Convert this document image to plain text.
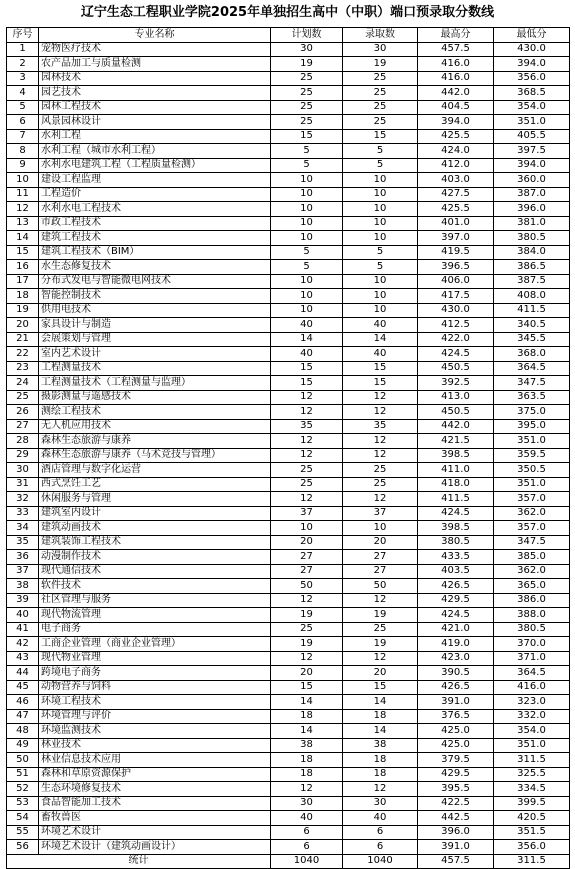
辽宁生态工程职业学院2025年单独招生高中（中职）端口预录取分数线
序号	专业名称	计划数	录取数	最高分	最低分
1	宠物医疗技术	30	30	457.5	430.0
2	农产品加工与质量检测	19	19	416.0	394.0
3	园林技术	25	25	416.0	356.0
4	园艺技术	25	25	442.0	368.5
5	园林工程技术	25	25	404.5	354.0
6	风景园林设计	25	25	394.0	351.0
7	水利工程	15	15	425.5	405.5
8	水利工程（城市水利工程）	5	5	424.0	397.5
9	水利水电建筑工程（工程质量检测）	5	5	412.0	394.0
10	建设工程监理	10	10	403.0	360.0
11	工程造价	10	10	427.5	387.0
12	水利水电工程技术	10	10	425.5	396.0
13	市政工程技术	10	10	401.0	381.0
14	建筑工程技术	10	10	397.0	380.5
15	建筑工程技术（BIM）	5	5	419.5	384.0
16	水生态修复技术	5	5	396.5	386.5
17	分布式发电与智能微电网技术	10	10	406.0	387.5
18	智能控制技术	10	10	417.5	408.0
19	供用电技术	10	10	430.0	411.5
20	家具设计与制造	40	40	412.5	340.5
21	会展策划与管理	14	14	422.0	345.5
22	室内艺术设计	40	40	424.5	368.0
23	工程测量技术	15	15	450.5	364.5
24	工程测量技术（工程测量与监理）	15	15	392.5	347.5
25	摄影测量与遥感技术	12	12	413.0	363.5
26	测绘工程技术	12	12	450.5	375.0
27	无人机应用技术	35	35	442.0	395.0
28	森林生态旅游与康养	12	12	421.5	351.0
29	森林生态旅游与康养（马术竞技与管理）	12	12	398.5	359.5
30	酒店管理与数字化运营	25	25	411.0	350.5
31	西式烹饪工艺	25	25	418.0	351.0
32	休闲服务与管理	12	12	411.5	357.0
33	建筑室内设计	37	37	424.5	362.0
34	建筑动画技术	10	10	398.5	357.0
35	建筑装饰工程技术	20	20	380.5	347.5
36	动漫制作技术	27	27	433.5	385.0
37	现代通信技术	27	27	403.5	362.0
38	软件技术	50	50	426.5	365.0
39	社区管理与服务	12	12	429.5	386.0
40	现代物流管理	19	19	424.5	388.0
41	电子商务	25	25	421.0	380.5
42	工商企业管理（商业企业管理）	19	19	419.0	370.0
43	现代物业管理	12	12	423.0	371.0
44	跨境电子商务	20	20	390.5	364.5
45	动物营养与饲料	15	15	426.5	416.0
46	环境工程技术	14	14	391.0	323.0
47	环境管理与评价	18	18	376.5	332.0
48	环境监测技术	14	14	425.0	354.0
49	林业技术	38	38	425.0	351.0
50	林业信息技术应用	18	18	379.5	311.5
51	森林和草原资源保护	18	18	429.5	325.5
52	生态环境修复技术	12	12	395.5	334.5
53	食品智能加工技术	30	30	422.5	399.5
54	畜牧兽医	40	40	442.5	420.5
55	环境艺术设计	6	6	396.0	351.5
56	环境艺术设计（建筑动画设计）	6	6	391.0	356.0
统计		1040	1040	457.5	311.5
